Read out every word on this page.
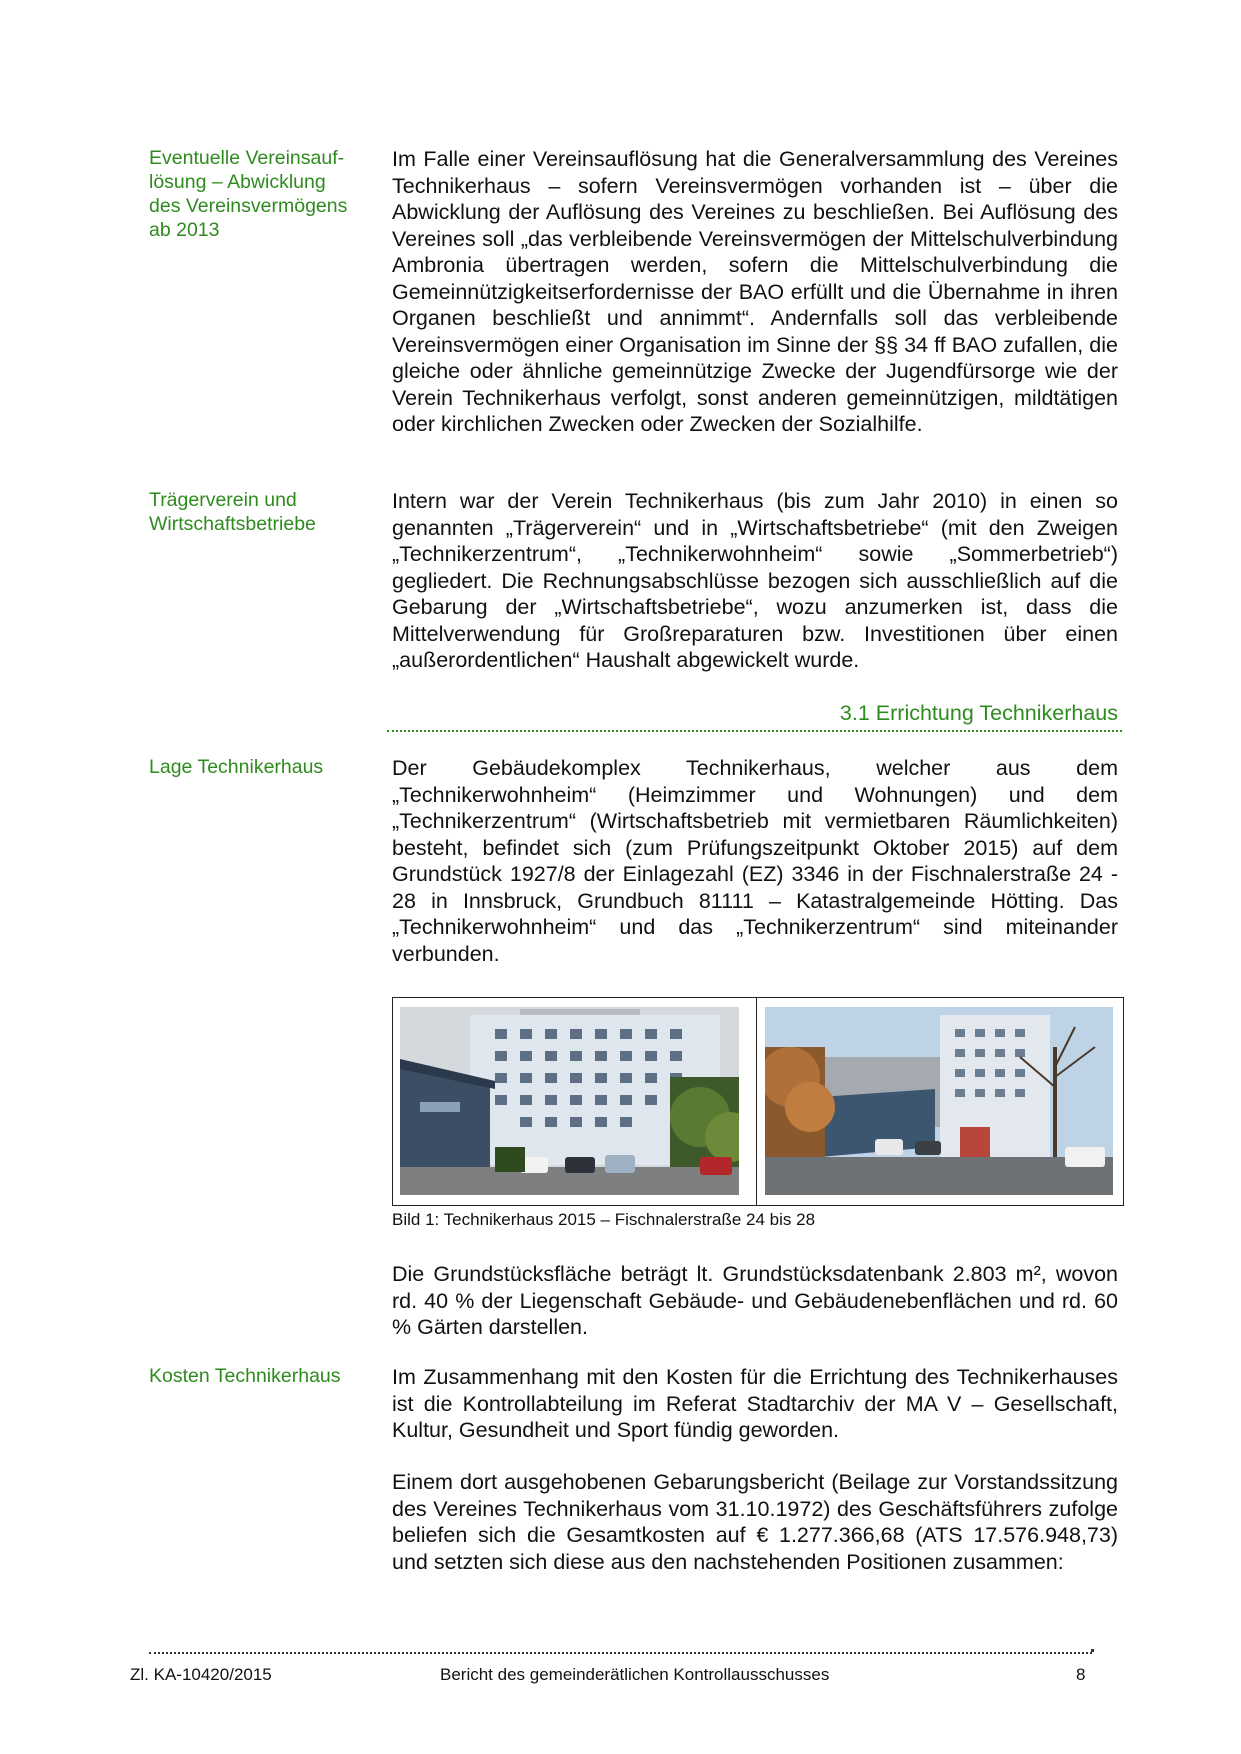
Eventuelle Vereinsauf-
lösung – Abwicklung
des Vereinsvermögens
ab 2013
Im Falle einer Vereinsauflösung hat die Generalversammlung des Vereines Technikerhaus – sofern Vereinsvermögen vorhanden ist – über die Abwicklung der Auflösung des Vereines zu beschließen. Bei Auflösung des Vereines soll „das verbleibende Vereinsvermögen der Mittelschulverbindung Ambronia übertragen werden, sofern die Mittelschulverbindung die Gemeinnützigkeitserfordernisse der BAO erfüllt und die Übernahme in ihren Organen beschließt und annimmt“. Andernfalls soll das verbleibende Vereinsvermögen einer Organisation im Sinne der §§ 34 ff BAO zufallen, die gleiche oder ähnliche gemeinnützige Zwecke der Jugendfürsorge wie der Verein Technikerhaus verfolgt, sonst anderen gemeinnützigen, mildtätigen oder kirchlichen Zwecken oder Zwecken der Sozialhilfe.
Trägerverein und
Wirtschaftsbetriebe
Intern war der Verein Technikerhaus (bis zum Jahr 2010) in einen so genannten „Trägerverein“ und in „Wirtschaftsbetriebe“ (mit den Zweigen „Technikerzentrum“, „Technikerwohnheim“ sowie „Sommerbetrieb“) gegliedert. Die Rechnungsabschlüsse bezogen sich ausschließlich auf die Gebarung der „Wirtschaftsbetriebe“, wozu anzumerken ist, dass die Mittelverwendung für Großreparaturen bzw. Investitionen über einen „außerordentlichen“ Haushalt abgewickelt wurde.
3.1 Errichtung Technikerhaus
Lage Technikerhaus	Der Gebäudekomplex Technikerhaus, welcher aus dem „Technikerwohnheim“ (Heimzimmer und Wohnungen) und dem „Technikerzentrum“ (Wirtschaftsbetrieb mit vermietbaren Räumlichkeiten) besteht, befindet sich (zum Prüfungszeitpunkt Oktober 2015) auf dem Grundstück 1927/8 der Einlagezahl (EZ) 3346 in der Fischnalerstraße 24 - 28 in Innsbruck, Grundbuch 81111 – Katastralgemeinde Hötting. Das „Technikerwohnheim“ und das „Technikerzentrum“ sind miteinander verbunden.
Bild 1: Technikerhaus 2015 – Fischnalerstraße 24 bis 28
Die Grundstücksfläche beträgt lt. Grundstücksdatenbank 2.803 m², wovon rd. 40 % der Liegenschaft Gebäude- und Gebäudenebenflächen und rd. 60 % Gärten darstellen.
Kosten Technikerhaus	Im Zusammenhang mit den Kosten für die Errichtung des Technikerhauses ist die Kontrollabteilung im Referat Stadtarchiv der MA V – Gesellschaft, Kultur, Gesundheit und Sport fündig geworden.
Einem dort ausgehobenen Gebarungsbericht (Beilage zur Vorstandssitzung des Vereines Technikerhaus vom 31.10.1972) des Geschäftsführers zufolge beliefen sich die Gesamtkosten auf € 1.277.366,68 (ATS 17.576.948,73) und setzten sich diese aus den nachstehenden Positionen zusammen:
Zl. KA-10420/2015	Bericht des gemeinderätlichen Kontrollausschusses	8
